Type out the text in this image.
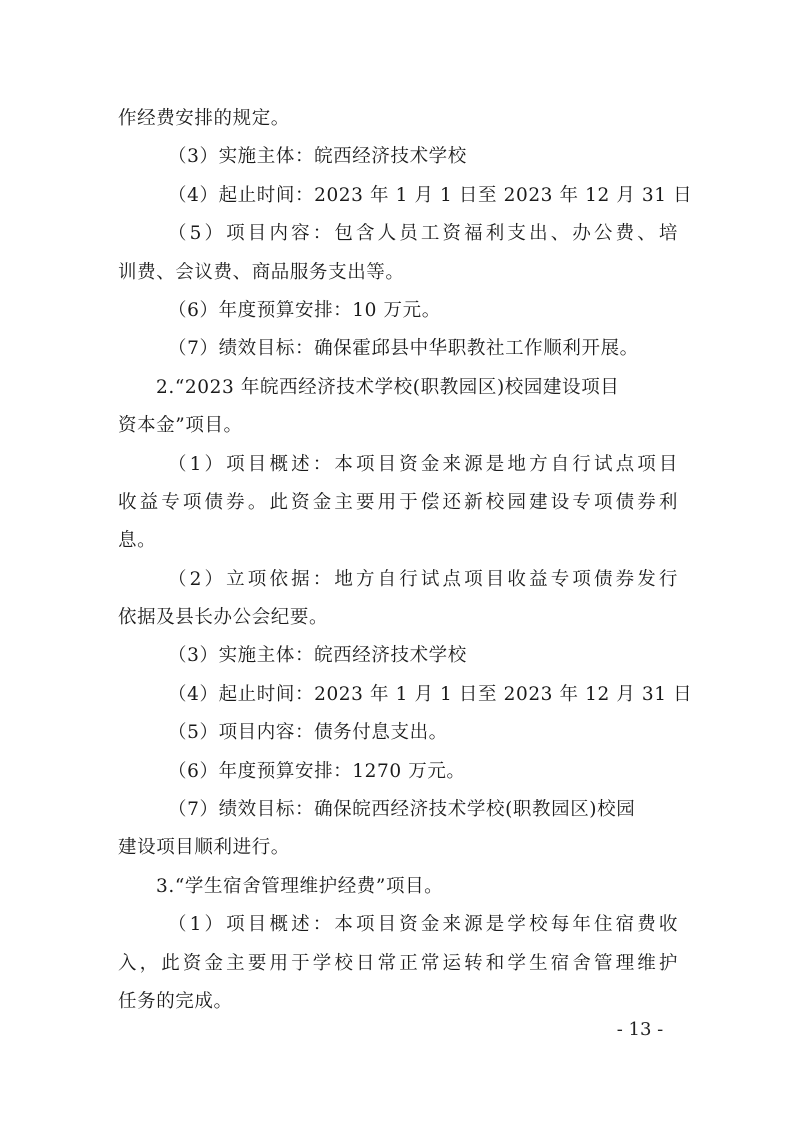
作经费安排的规定。
（3）实施主体：皖西经济技术学校
（4）起止时间：2023 年 1 月 1 日至 2023 年 12 月 31 日
（5）项目内容：包含人员工资福利支出、办公费、培
训费、会议费、商品服务支出等。
（6）年度预算安排：10 万元。
（7）绩效目标：确保霍邱县中华职教社工作顺利开展。
2.“2023 年皖西经济技术学校(职教园区)校园建设项目
资本金”项目。
（1）项目概述：本项目资金来源是地方自行试点项目
收益专项债券。此资金主要用于偿还新校园建设专项债券利
息。
（2）立项依据：地方自行试点项目收益专项债券发行
依据及县长办公会纪要。
（3）实施主体：皖西经济技术学校
（4）起止时间：2023 年 1 月 1 日至 2023 年 12 月 31 日
（5）项目内容：债务付息支出。
（6）年度预算安排：1270 万元。
（7）绩效目标：确保皖西经济技术学校(职教园区)校园
建设项目顺利进行。
3.“学生宿舍管理维护经费”项目。
（1）项目概述：本项目资金来源是学校每年住宿费收
入，此资金主要用于学校日常正常运转和学生宿舍管理维护
任务的完成。
- 13 -
